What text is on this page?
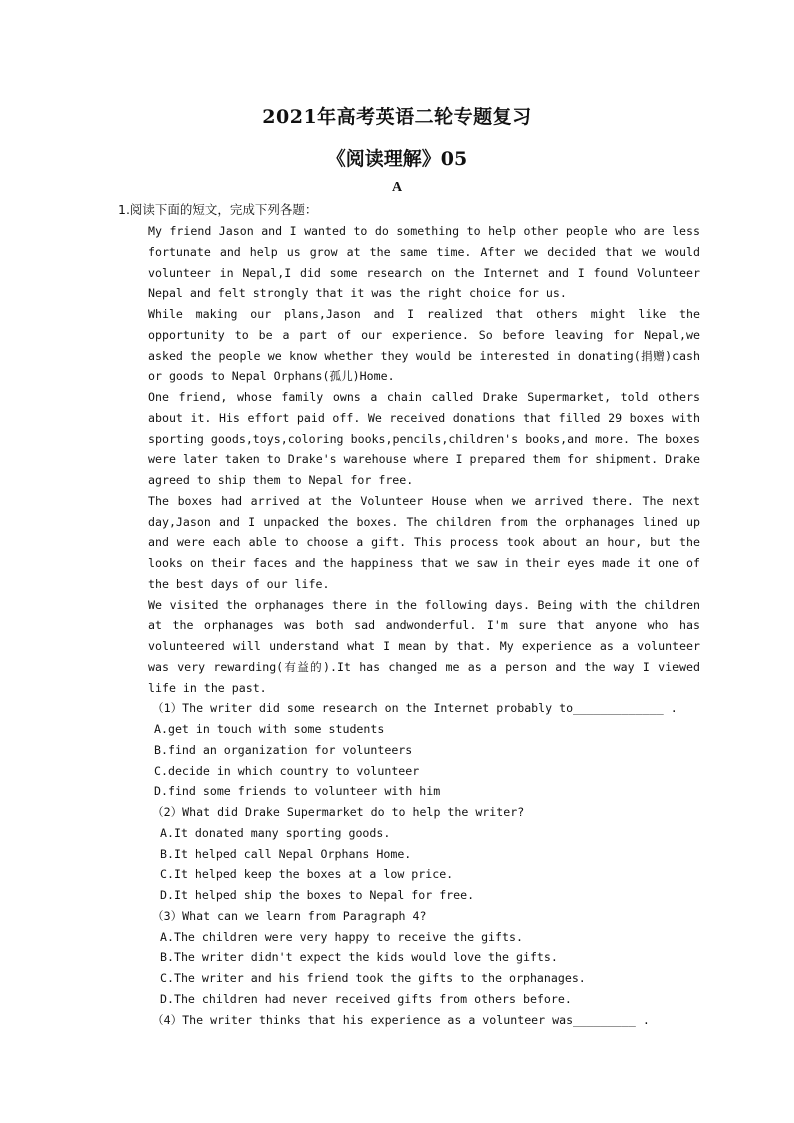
2021年高考英语二轮专题复习
《阅读理解》05
A
1.阅读下面的短文，完成下列各题：

My friend Jason and I wanted to do something to help other people who are less fortunate and help us grow at the same time. After we decided that we would volunteer in Nepal,I did some research on the Internet and I found Volunteer Nepal and felt strongly that it was the right choice for us.

While making our plans,Jason and I realized that others might like the opportunity to be a part of our experience. So before leaving for Nepal,we asked the people we know whether they would be interested in donating(捐赠)cash or goods to Nepal Orphans(孤儿)Home.

One friend, whose family owns a chain called Drake Supermarket, told others about it. His effort paid off. We received donations that filled 29 boxes with sporting goods,toys,coloring books,pencils,children's books,and more. The boxes were later taken to Drake's warehouse where I prepared them for shipment. Drake agreed to ship them to Nepal for free.

The boxes had arrived at the Volunteer House when we arrived there. The next day,Jason and I unpacked the boxes. The children from the orphanages lined up and were each able to choose a gift. This process took about an hour, but the looks on their faces and the happiness that we saw in their eyes made it one of the best days of our life.

We visited the orphanages there in the following days. Being with the children at the orphanages was both sad andwonderful. I'm sure that anyone who has volunteered will understand what I mean by that. My experience as a volunteer was very rewarding(有益的).It has changed me as a person and the way I viewed life in the past.

（1）The writer did some research on the Internet probably to_____________ .
A.get in touch with some students
B.find an organization for volunteers
C.decide in which country to volunteer
D.find some friends to volunteer with him
（2）What did Drake Supermarket do to help the writer?
A.It donated many sporting goods.
B.It helped call Nepal Orphans Home.
C.It helped keep the boxes at a low price.
D.It helped ship the boxes to Nepal for free.
（3）What can we learn from Paragraph 4?
A.The children were very happy to receive the gifts.
B.The writer didn't expect the kids would love the gifts.
C.The writer and his friend took the gifts to the orphanages.
D.The children had never received gifts from others before.
（4）The writer thinks that his experience as a volunteer was_________ .
